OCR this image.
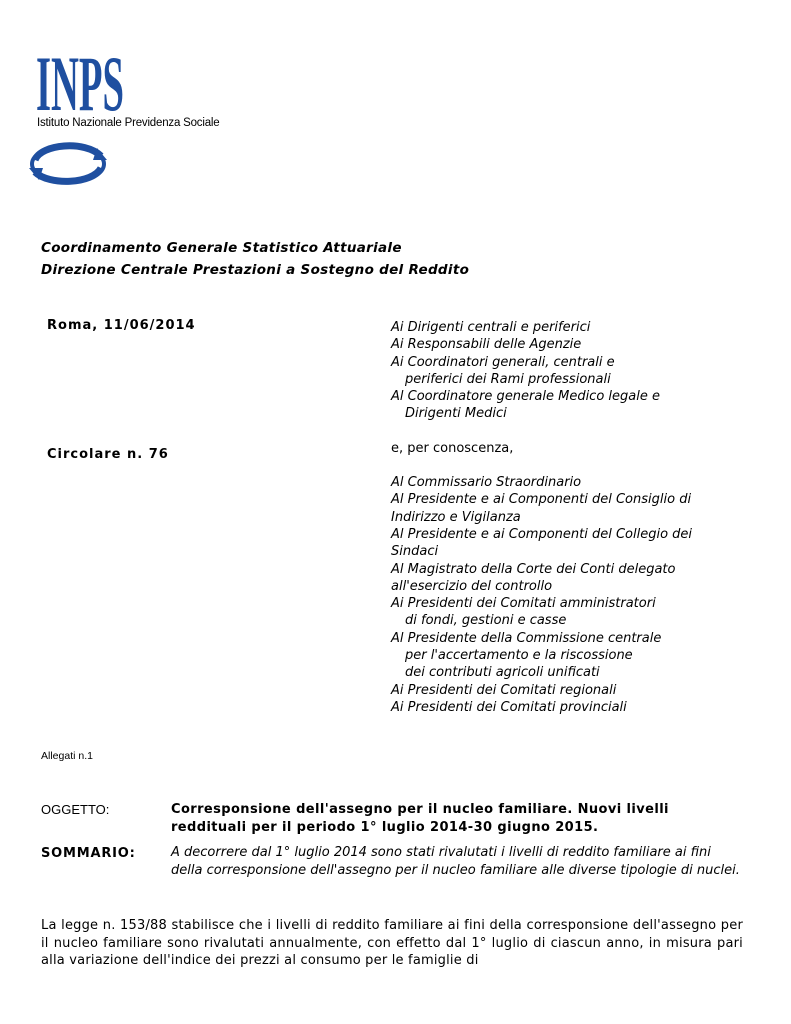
INPS
Istituto Nazionale Previdenza Sociale
Coordinamento Generale Statistico Attuariale
Direzione Centrale Prestazioni a Sostegno del Reddito
Roma, 11/06/2014
Circolare n. 76
Ai Dirigenti centrali e periferici
Ai Responsabili delle Agenzie
Ai Coordinatori generali, centrali e
periferici dei Rami professionali
Al Coordinatore generale Medico legale e
Dirigenti Medici
e, per conoscenza,
Al Commissario Straordinario
Al Presidente e ai Componenti del Consiglio di
Indirizzo e Vigilanza
Al Presidente e ai Componenti del Collegio dei
Sindaci
Al Magistrato della Corte dei Conti delegato
all'esercizio del controllo
Ai Presidenti dei Comitati amministratori
di fondi, gestioni e casse
Al Presidente della Commissione centrale
per l'accertamento e la riscossione
dei contributi agricoli unificati
Ai Presidenti dei Comitati regionali
Ai Presidenti dei Comitati provinciali
Allegati n.1
OGGETTO:	Corresponsione dell'assegno per il nucleo familiare. Nuovi livelli reddituali per il periodo 1° luglio 2014-30 giugno 2015.
SOMMARIO:	A decorrere dal 1° luglio 2014 sono stati rivalutati i livelli di reddito familiare ai fini della corresponsione dell'assegno per il nucleo familiare alle diverse tipologie di nuclei.
La legge n. 153/88 stabilisce che i livelli di reddito familiare ai fini della corresponsione dell'assegno per il nucleo familiare sono rivalutati annualmente, con effetto dal 1° luglio di ciascun anno, in misura pari alla variazione dell'indice dei prezzi al consumo per le famiglie di
